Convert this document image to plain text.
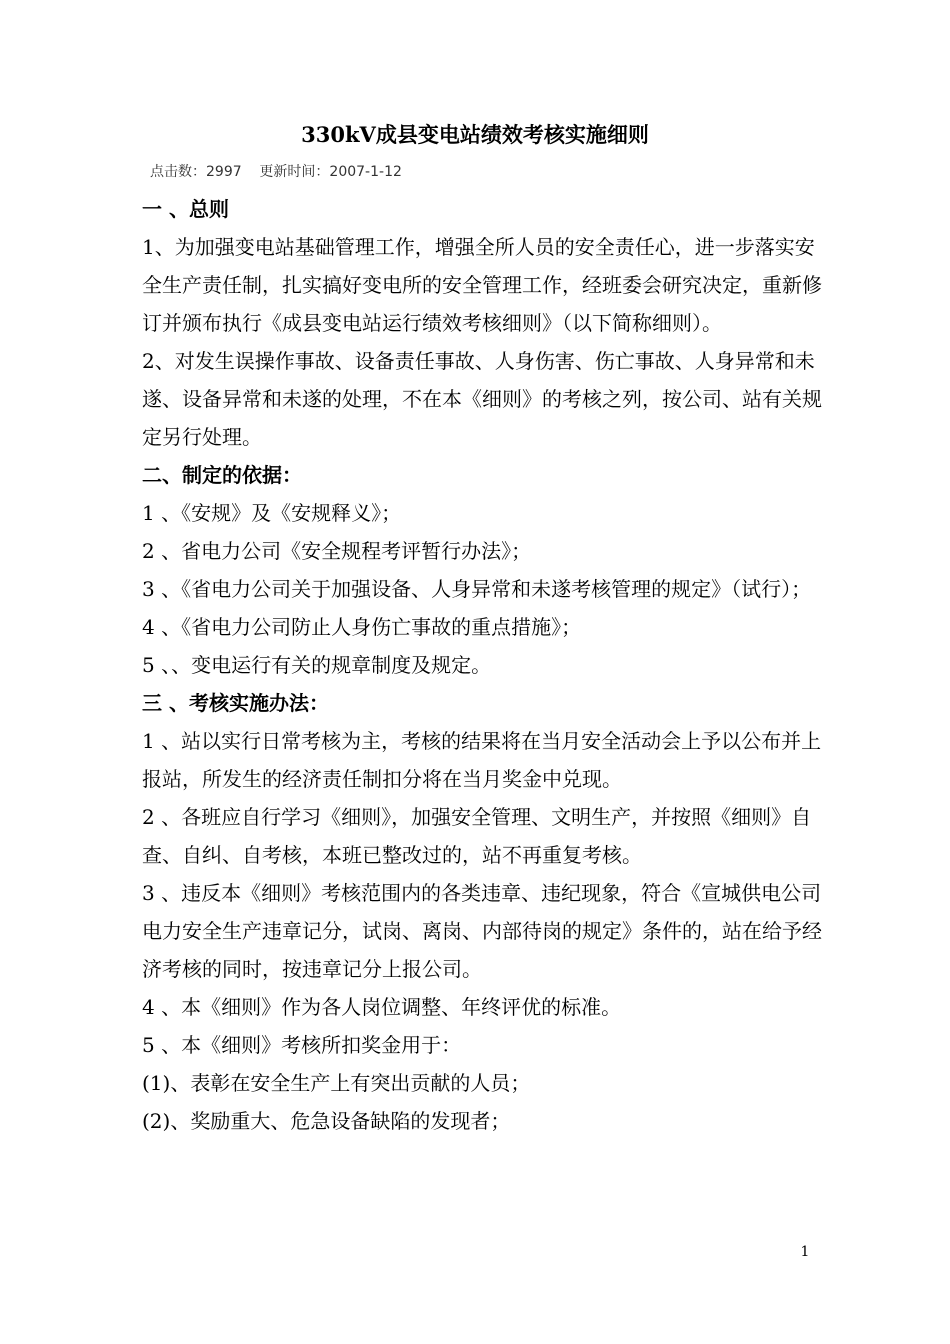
330kV成县变电站绩效考核实施细则
点击数：2997    更新时间：2007-1-12

一 、总则

1、为加强变电站基础管理工作，增强全所人员的安全责任心，进一步落实安全生产责任制，扎实搞好变电所的安全管理工作，经班委会研究决定，重新修订并颁布执行《成县变电站运行绩效考核细则》（以下简称细则）。

2、对发生误操作事故、设备责任事故、人身伤害、伤亡事故、人身异常和未遂、设备异常和未遂的处理，不在本《细则》的考核之列，按公司、站有关规定另行处理。

二、制定的依据：

1 、《安规》及《安规释义》；

2 、省电力公司《安全规程考评暂行办法》；

3 、《省电力公司关于加强设备、人身异常和未遂考核管理的规定》（试行）；

4 、《省电力公司防止人身伤亡事故的重点措施》；

5 、、变电运行有关的规章制度及规定。

三 、考核实施办法：

1 、站以实行日常考核为主，考核的结果将在当月安全活动会上予以公布并上报站，所发生的经济责任制扣分将在当月奖金中兑现。

2 、各班应自行学习《细则》，加强安全管理、文明生产，并按照《细则》自查、自纠、自考核，本班已整改过的，站不再重复考核。

3 、违反本《细则》考核范围内的各类违章、违纪现象，符合《宣城供电公司电力安全生产违章记分，试岗、离岗、内部待岗的规定》条件的，站在给予经济考核的同时，按违章记分上报公司。

4 、本《细则》作为各人岗位调整、年终评优的标准。

5 、本《细则》考核所扣奖金用于：

(1)、表彰在安全生产上有突出贡献的人员；

(2)、奖励重大、危急设备缺陷的发现者；

1
